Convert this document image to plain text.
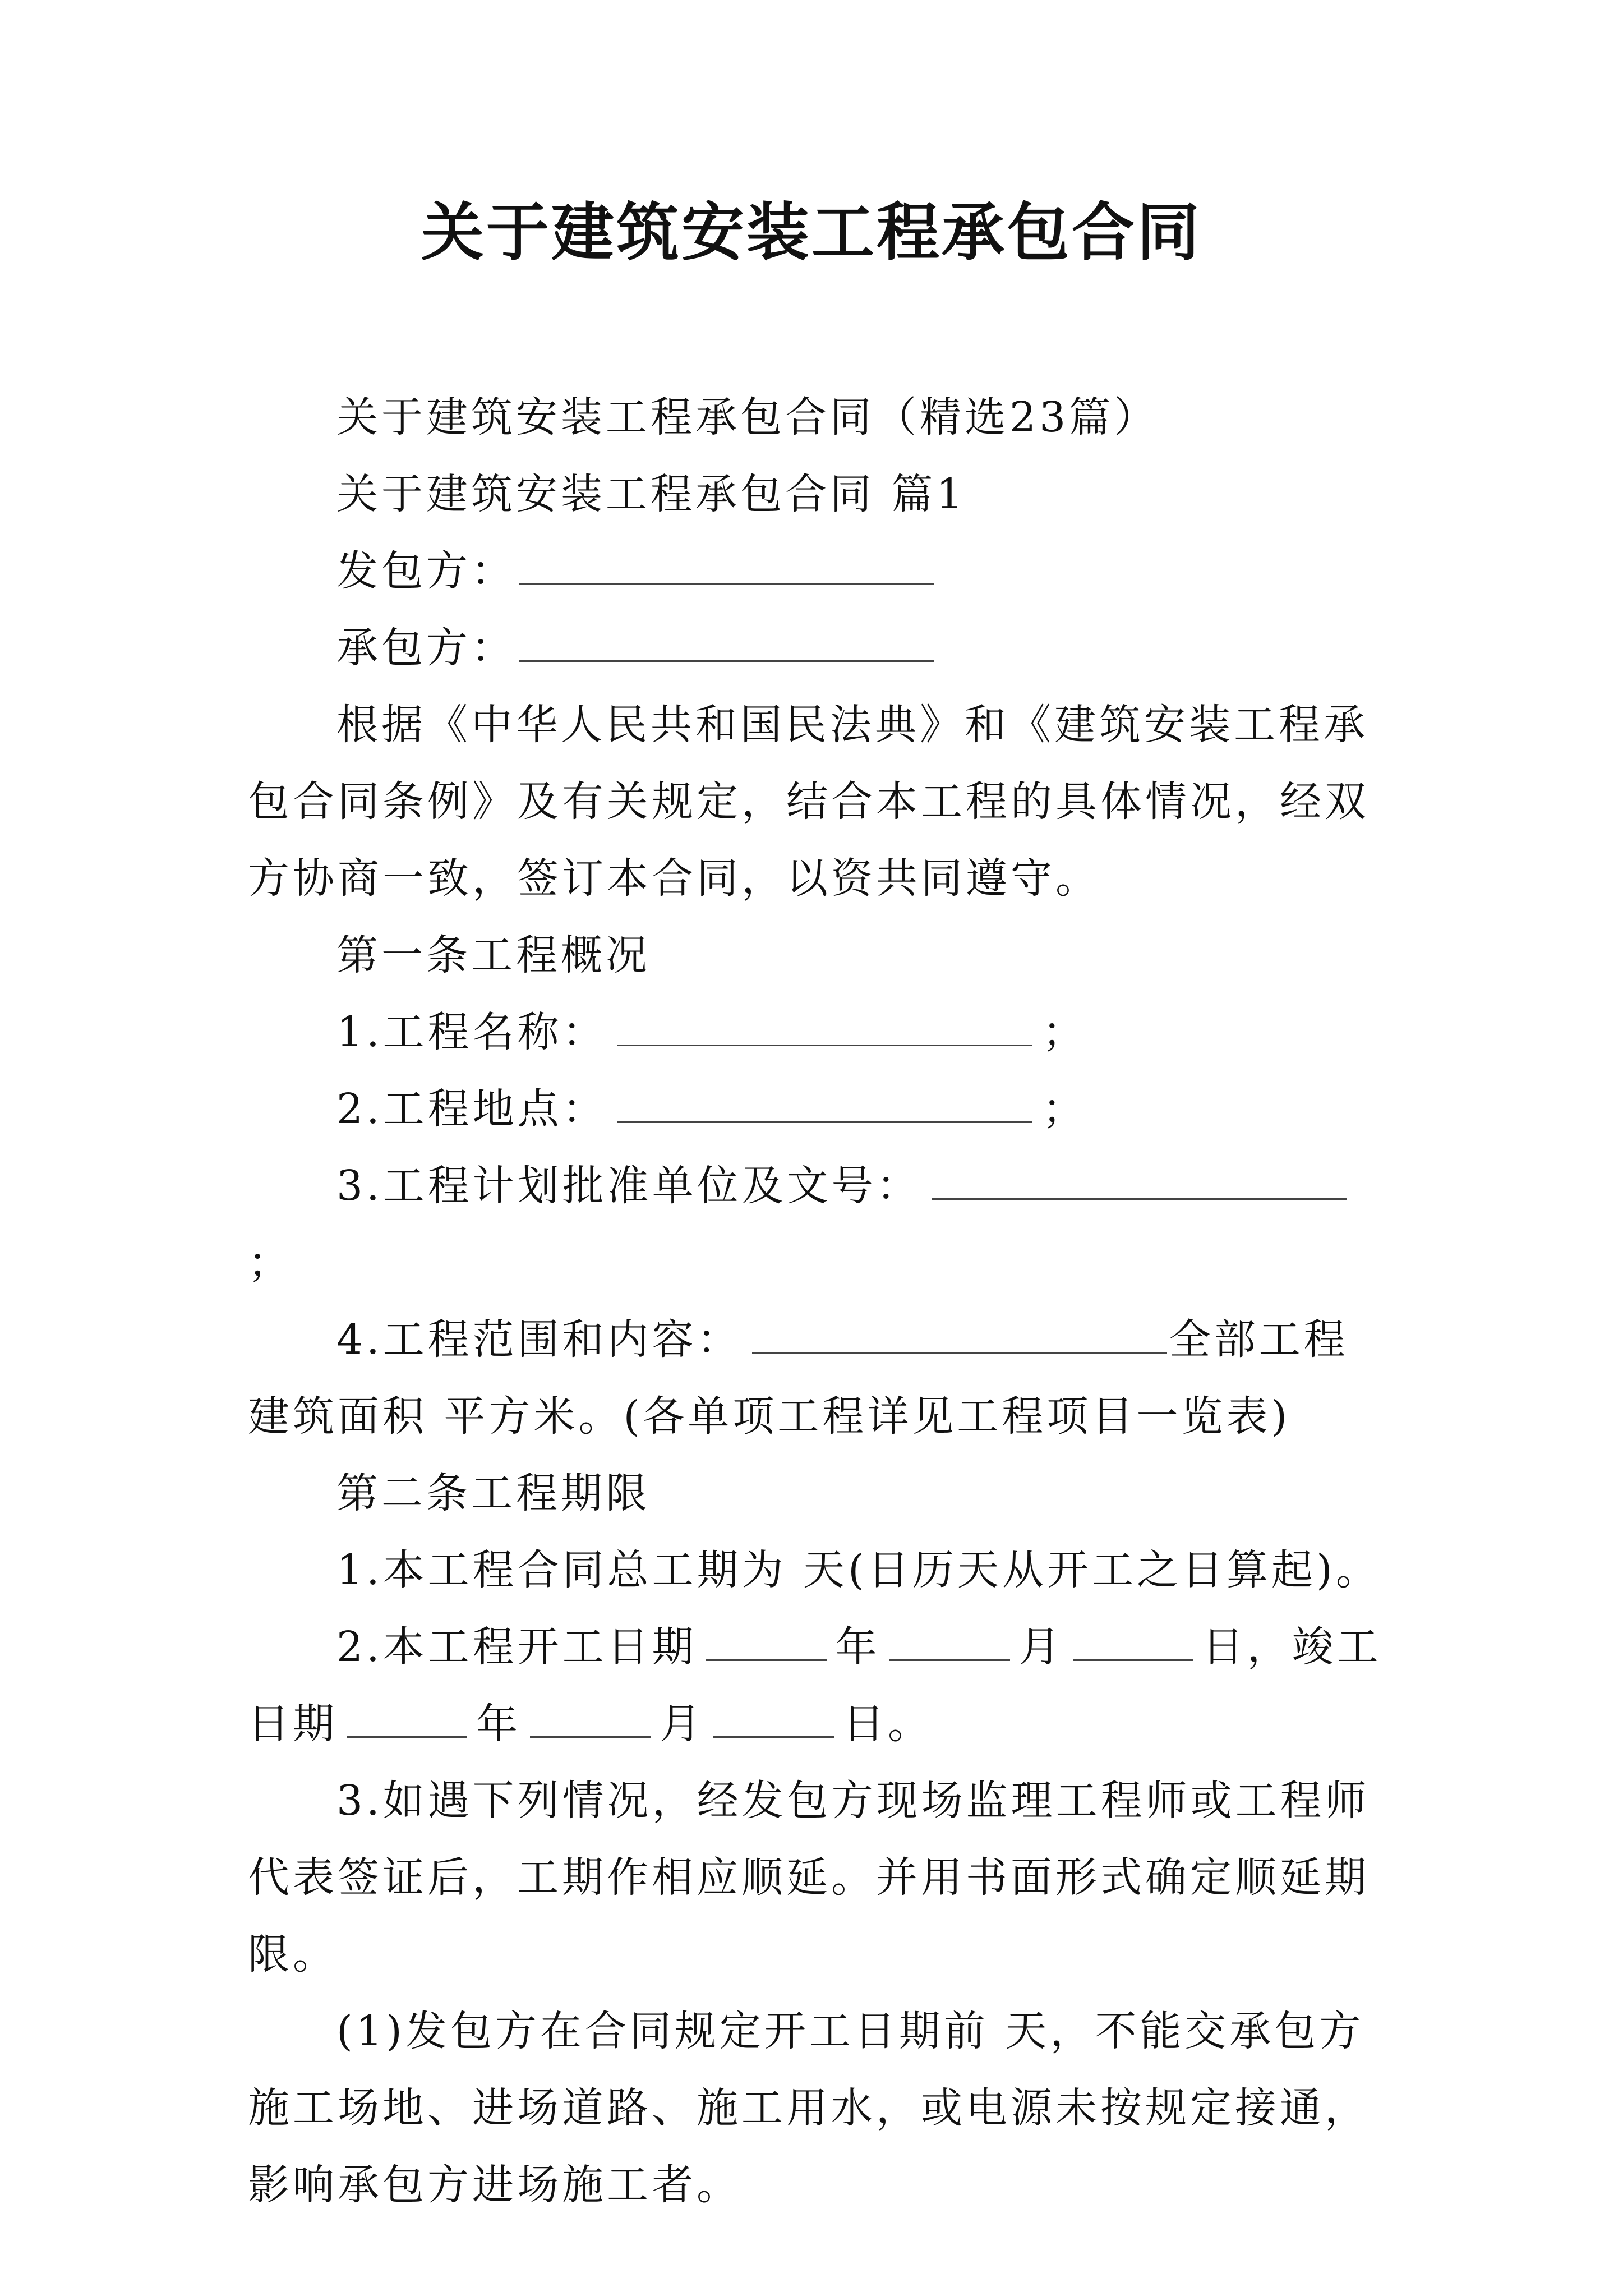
关于建筑安装工程承包合同

关于建筑安装工程承包合同（精选23篇）

关于建筑安装工程承包合同 篇1

发包方：

承包方：

根据《中华人民共和国民法典》和《建筑安装工程承包合同条例》及有关规定，结合本工程的具体情况，经双方协商一致，签订本合同，以资共同遵守。

第一条工程概况

1.工程名称：	；

2.工程地点：	；

3.工程计划批准单位及文号：；

4.工程范围和内容：	全部工程建筑面积 平方米。(各单项工程详见工程项目一览表)

第二条工程期限

1.本工程合同总工期为 天(日历天从开工之日算起)。

2.本工程开工日期	年	月	日，竣工日期	年	月	日。

3.如遇下列情况，经发包方现场监理工程师或工程师代表签证后，工期作相应顺延。并用书面形式确定顺延期限。

(1)发包方在合同规定开工日期前 天，不能交承包方施工场地、进场道路、施工用水，或电源未按规定接通，影响承包方进场施工者。
